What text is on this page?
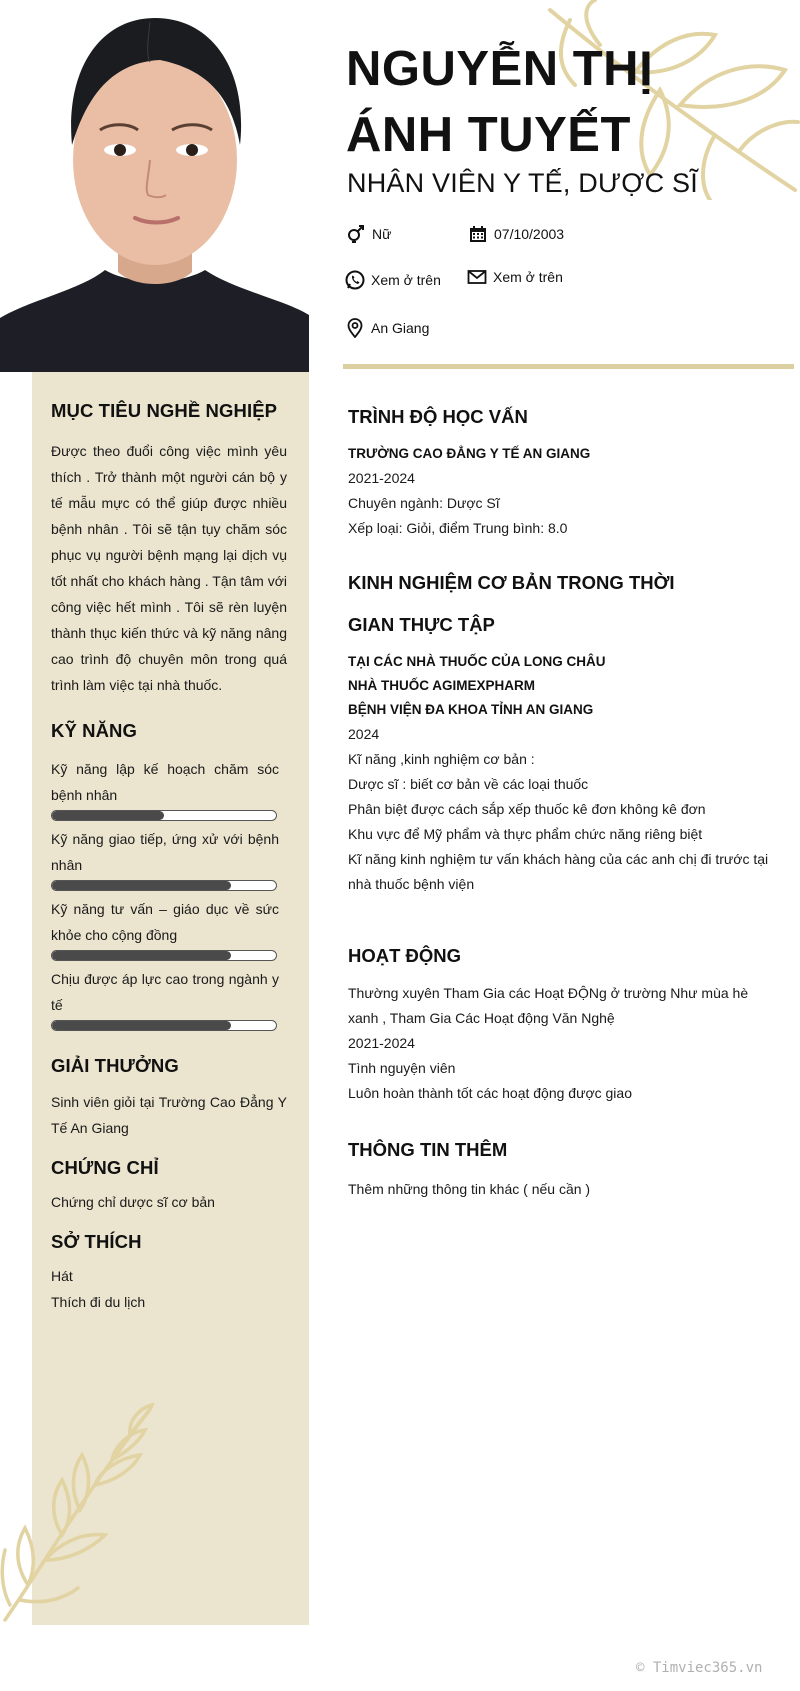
NGUYỄN THỊ
ÁNH TUYẾT

NHÂN VIÊN Y TẾ, DƯỢC SĨ

Nữ	07/10/2003
Xem ở trên	Xem ở trên
An Giang
MỤC TIÊU NGHỀ NGHIỆP

Được theo đuổi công việc mình yêu thích . Trở thành một người cán bộ y tế mẫu mực có thể giúp được nhiều bệnh nhân . Tôi sẽ tận tụy chăm sóc phục vụ người bệnh mạng lại dịch vụ tốt nhất cho khách hàng . Tận tâm với công việc hết mình . Tôi sẽ rèn luyện thành thục kiến thức và kỹ năng nâng cao trình độ chuyên môn trong quá trình làm việc tại nhà thuốc.

KỸ NĂNG
Kỹ năng lập kế hoạch chăm sóc bệnh nhân
Kỹ năng giao tiếp, ứng xử với bệnh nhân
Kỹ năng tư vấn – giáo dục về sức khỏe cho cộng đồng
Chịu được áp lực cao trong ngành y tế
GIẢI THƯỞNG

Sinh viên giỏi tại Trường Cao Đẳng Y Tế An Giang

CHỨNG CHỈ

Chứng chỉ dược sĩ cơ bản

SỞ THÍCH

Hát

Thích đi du lịch

TRÌNH ĐỘ HỌC VẤN

TRƯỜNG CAO ĐẲNG Y TẾ AN GIANG

2021-2024

Chuyên ngành: Dược Sĩ

Xếp loại: Giỏi, điểm Trung bình: 8.0

KINH NGHIỆM CƠ BẢN TRONG THỜI
GIAN THỰC TẬP

TẠI CÁC NHÀ THUỐC CỦA LONG CHÂU

NHÀ THUỐC AGIMEXPHARM

BỆNH VIỆN ĐA KHOA TỈNH AN GIANG

2024

Kĩ năng ,kinh nghiệm cơ bản :

Dược sĩ : biết cơ bản về các loại thuốc

Phân biệt được cách sắp xếp thuốc kê đơn không kê đơn

Khu vực để Mỹ phẩm và thực phẩm chức năng riêng biệt

Kĩ năng kinh nghiệm tư vấn khách hàng của các anh chị đi trước tại nhà thuốc bệnh viện

HOẠT ĐỘNG

Thường xuyên Tham Gia các Hoạt ĐỘNg ở trường Như mùa hè xanh , Tham Gia Các Hoạt động Văn Nghệ

2021-2024

Tình nguyện viên

Luôn hoàn thành tốt các hoạt động được giao

THÔNG TIN THÊM

Thêm những thông tin khác ( nếu cần )

© Timviec365.vn
